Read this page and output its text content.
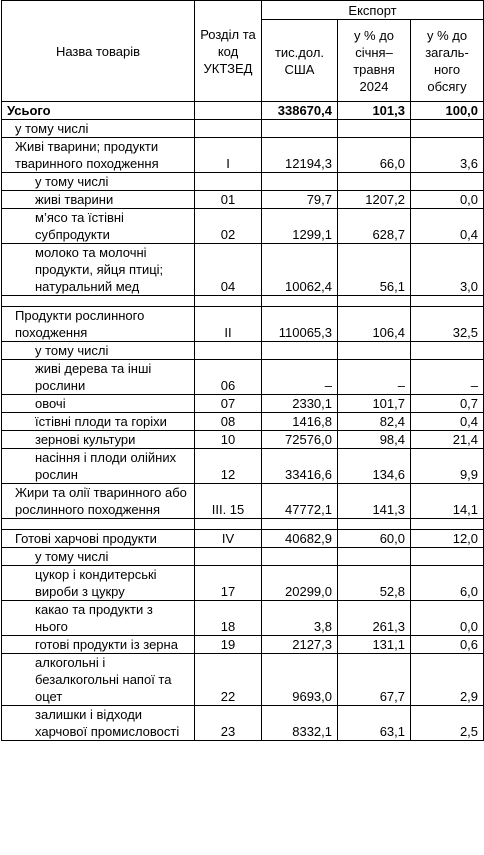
Назва товарів	Розділ та код УКТЗЕД	Експорт		
		тис.дол. США	у % до січня–травня 2024	у % до загаль-ного обсягу
Усього		338670,4	101,3	100,0
у тому числі				
Живі тварини; продукти тваринного походження	I	12194,3	66,0	3,6
у тому числі				
живі тварини	01	79,7	1207,2	0,0
м’ясо та їстівні субпродукти	02	1299,1	628,7	0,4
молоко та молочні продукти, яйця птиці; натуральний мед	04	10062,4	56,1	3,0

Продукти рослинного походження	II	110065,3	106,4	32,5
у тому числі				
живі дерева та інші рослини	06	–	–	–
овочі	07	2330,1	101,7	0,7
їстівні плоди та горіхи	08	1416,8	82,4	0,4
зернові культури	10	72576,0	98,4	21,4
насіння і плоди олійних рослин	12	33416,6	134,6	9,9
Жири та олії тваринного або рослинного походження	III. 15	47772,1	141,3	14,1

Готові харчові продукти	IV	40682,9	60,0	12,0
у тому числі				
цукор і кондитерські вироби з цукру	17	20299,0	52,8	6,0
какао та продукти з нього	18	3,8	261,3	0,0
готові продукти із зерна	19	2127,3	131,1	0,6
алкогольні і безалкогольні напої та оцет	22	9693,0	67,7	2,9
залишки і відходи харчової промисловості	23	8332,1	63,1	2,5
